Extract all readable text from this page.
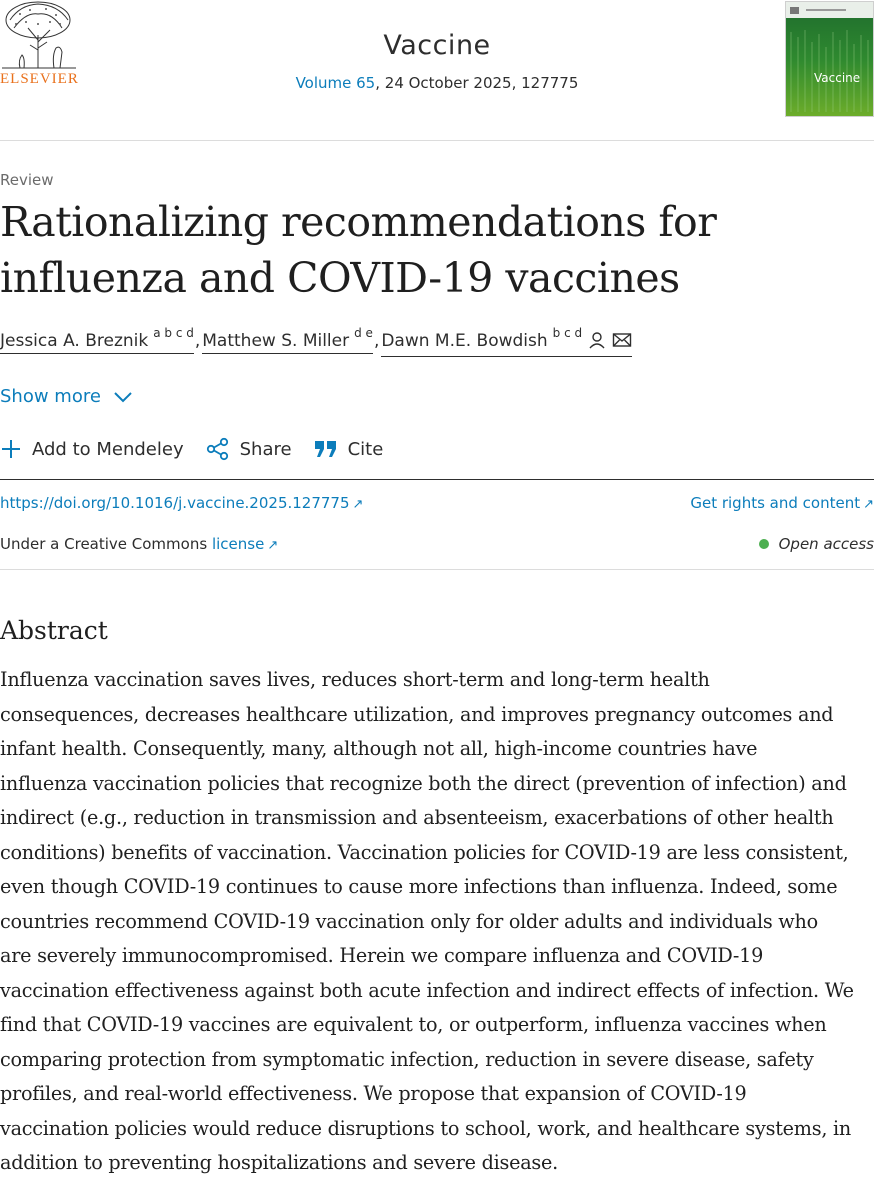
ELSEVIER
Vaccine
Volume 65, 24 October 2025, 127775	Vaccine
Review
Rationalizing recommendations for
influenza and COVID-19 vaccines
Jessica A. Breznik $^{a b c d}$ , Matthew S. Miller $^{d e}$ , Dawn M.E. Bowdish $^{b c d}$
Show more
Add to Mendeley	Share	Cite
https://doi.org/10.1016/j.vaccine.2025.127775 ↗	Get rights and content ↗
Under a Creative Commons license ↗	Open access
Abstract
Influenza vaccination saves lives, reduces short-term and long-term health
consequences, decreases healthcare utilization, and improves pregnancy outcomes and
infant health. Consequently, many, although not all, high-income countries have
influenza vaccination policies that recognize both the direct (prevention of infection) and
indirect (e.g., reduction in transmission and absenteeism, exacerbations of other health
conditions) benefits of vaccination. Vaccination policies for COVID-19 are less consistent,
even though COVID-19 continues to cause more infections than influenza. Indeed, some
countries recommend COVID-19 vaccination only for older adults and individuals who
are severely immunocompromised. Herein we compare influenza and COVID-19
vaccination effectiveness against both acute infection and indirect effects of infection. We
find that COVID-19 vaccines are equivalent to, or outperform, influenza vaccines when
comparing protection from symptomatic infection, reduction in severe disease, safety
profiles, and real-world effectiveness. We propose that expansion of COVID-19
vaccination policies would reduce disruptions to school, work, and healthcare systems, in
addition to preventing hospitalizations and severe disease.
